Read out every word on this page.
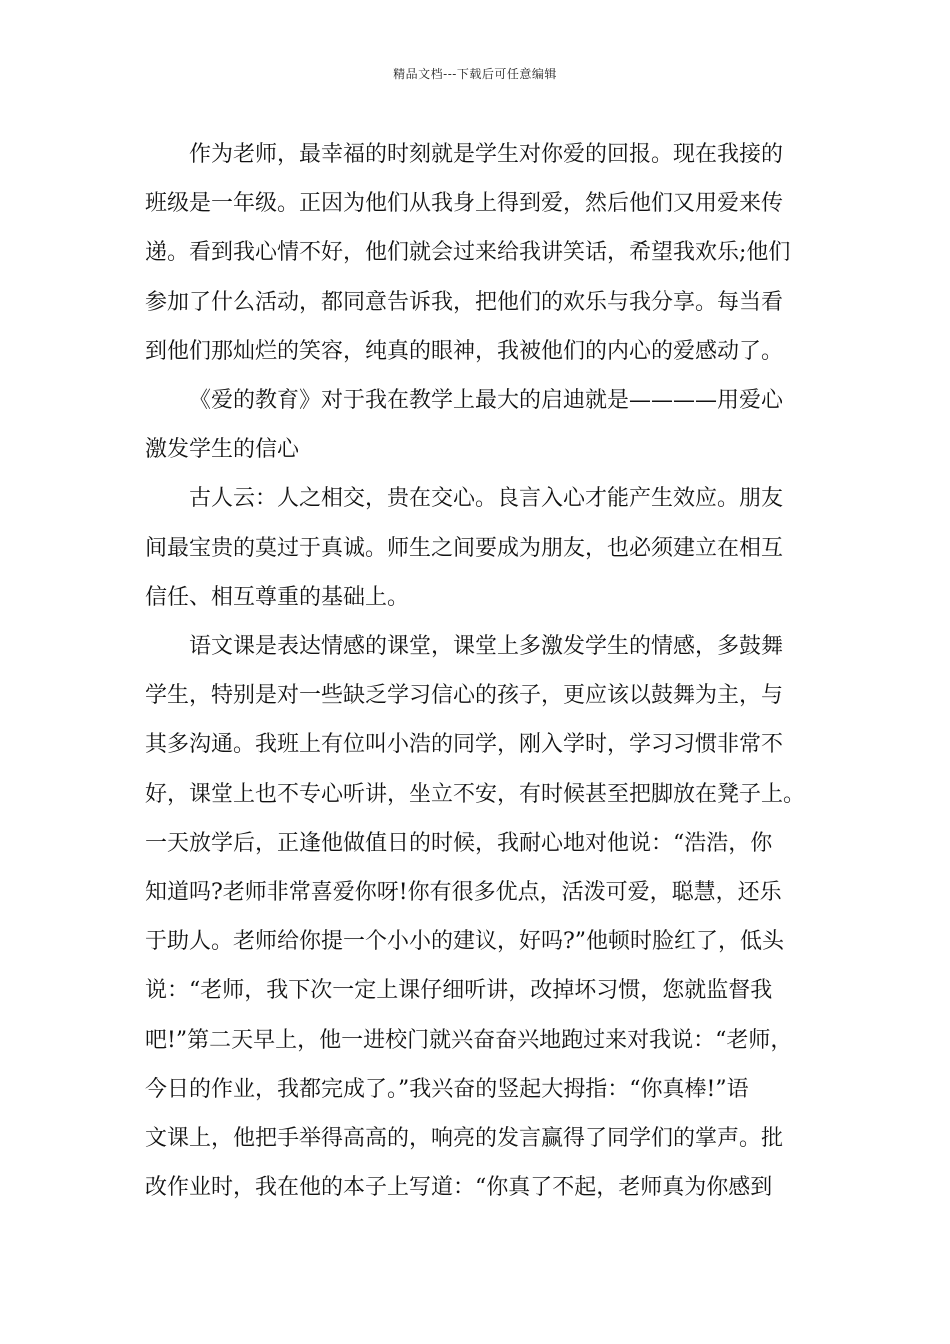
精品文档---下载后可任意编辑

作为老师，最幸福的时刻就是学生对你爱的回报。现在我接的
班级是一年级。正因为他们从我身上得到爱，然后他们又用爱来传
递。看到我心情不好，他们就会过来给我讲笑话，希望我欢乐;他们
参加了什么活动，都同意告诉我，把他们的欢乐与我分享。每当看
到他们那灿烂的笑容，纯真的眼神，我被他们的内心的爱感动了。

《爱的教育》对于我在教学上最大的启迪就是————用爱心
激发学生的信心

古人云：人之相交，贵在交心。良言入心才能产生效应。朋友
间最宝贵的莫过于真诚。师生之间要成为朋友，也必须建立在相互
信任、相互尊重的基础上。

语文课是表达情感的课堂，课堂上多激发学生的情感，多鼓舞
学生，特别是对一些缺乏学习信心的孩子，更应该以鼓舞为主，与
其多沟通。我班上有位叫小浩的同学，刚入学时，学习习惯非常不
好，课堂上也不专心听讲，坐立不安，有时候甚至把脚放在凳子上。
一天放学后，正逢他做值日的时候，我耐心地对他说：“浩浩，你
知道吗?老师非常喜爱你呀!你有很多优点，活泼可爱，聪慧，还乐
于助人。老师给你提一个小小的建议，好吗?”他顿时脸红了，低头
说：“老师，我下次一定上课仔细听讲，改掉坏习惯，您就监督我
吧!”第二天早上，他一进校门就兴奋奋兴地跑过来对我说：“老师，
今日的作业，我都完成了。”我兴奋的竖起大拇指：“你真棒!”语
文课上，他把手举得高高的，响亮的发言赢得了同学们的掌声。批
改作业时，我在他的本子上写道：“你真了不起，老师真为你感到
